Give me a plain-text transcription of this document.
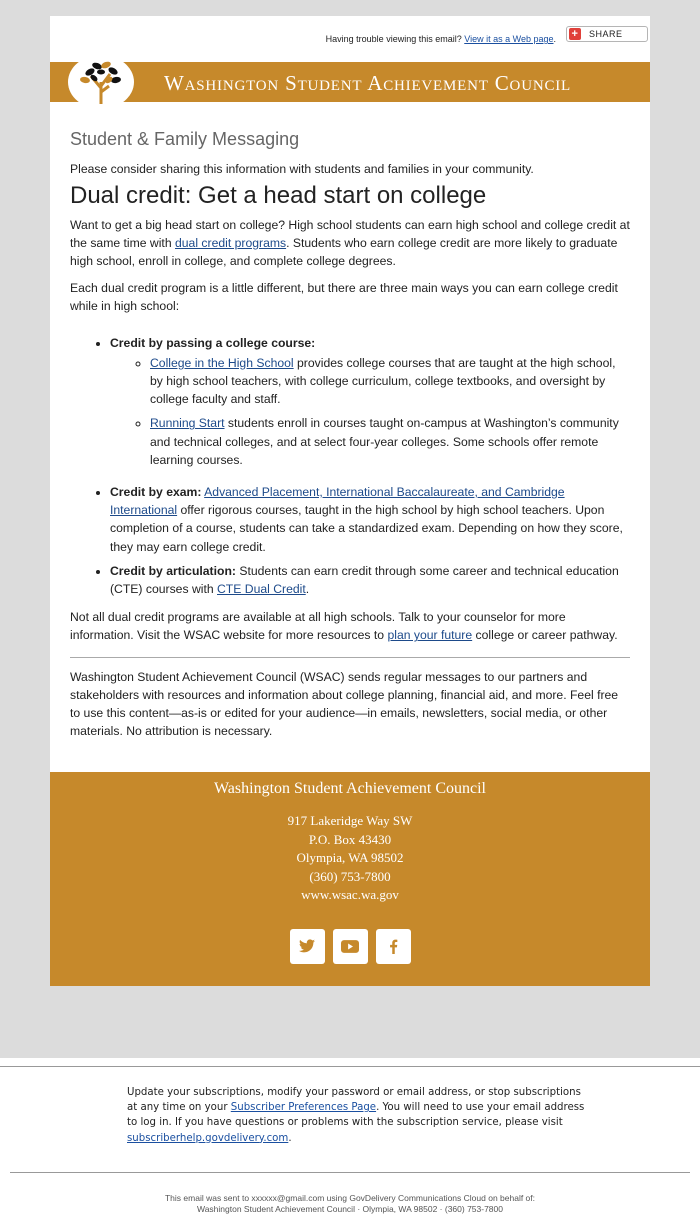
Having trouble viewing this email? View it as a Web page. + SHARE
Washington Student Achievement Council
Student & Family Messaging

Please consider sharing this information with students and families in your community.

Dual credit: Get a head start on college

Want to get a big head start on college? High school students can earn high school and college credit at the same time with dual credit programs. Students who earn college credit are more likely to graduate high school, enroll in college, and complete college degrees.

Each dual credit program is a little different, but there are three main ways you can earn college credit while in high school:

• Credit by passing a college course:
◦ College in the High School provides college courses that are taught at the high school, by high school teachers, with college curriculum, college textbooks, and oversight by college faculty and staff.
◦ Running Start students enroll in courses taught on-campus at Washington’s community and technical colleges, and at select four-year colleges. Some schools offer remote learning courses.
• Credit by exam: Advanced Placement, International Baccalaureate, and Cambridge International offer rigorous courses, taught in the high school by high school teachers. Upon completion of a course, students can take a standardized exam. Depending on how they score, they may earn college credit.
• Credit by articulation: Students can earn credit through some career and technical education (CTE) courses with CTE Dual Credit.

Not all dual credit programs are available at all high schools. Talk to your counselor for more information. Visit the WSAC website for more resources to plan your future college or career pathway.

Washington Student Achievement Council (WSAC) sends regular messages to our partners and stakeholders with resources and information about college planning, financial aid, and more. Feel free to use this content—as-is or edited for your audience—in emails, newsletters, social media, or other materials. No attribution is necessary.

Washington Student Achievement Council
917 Lakeridge Way SW
P.O. Box 43430
Olympia, WA 98502
(360) 753-7800
www.wsac.wa.gov
Update your subscriptions, modify your password or email address, or stop subscriptions at any time on your Subscriber Preferences Page. You will need to use your email address to log in. If you have questions or problems with the subscription service, please visit subscriberhelp.govdelivery.com.
This email was sent to xxxxxx@gmail.com using GovDelivery Communications Cloud on behalf of:
Washington Student Achievement Council · Olympia, WA 98502 · (360) 753-7800
